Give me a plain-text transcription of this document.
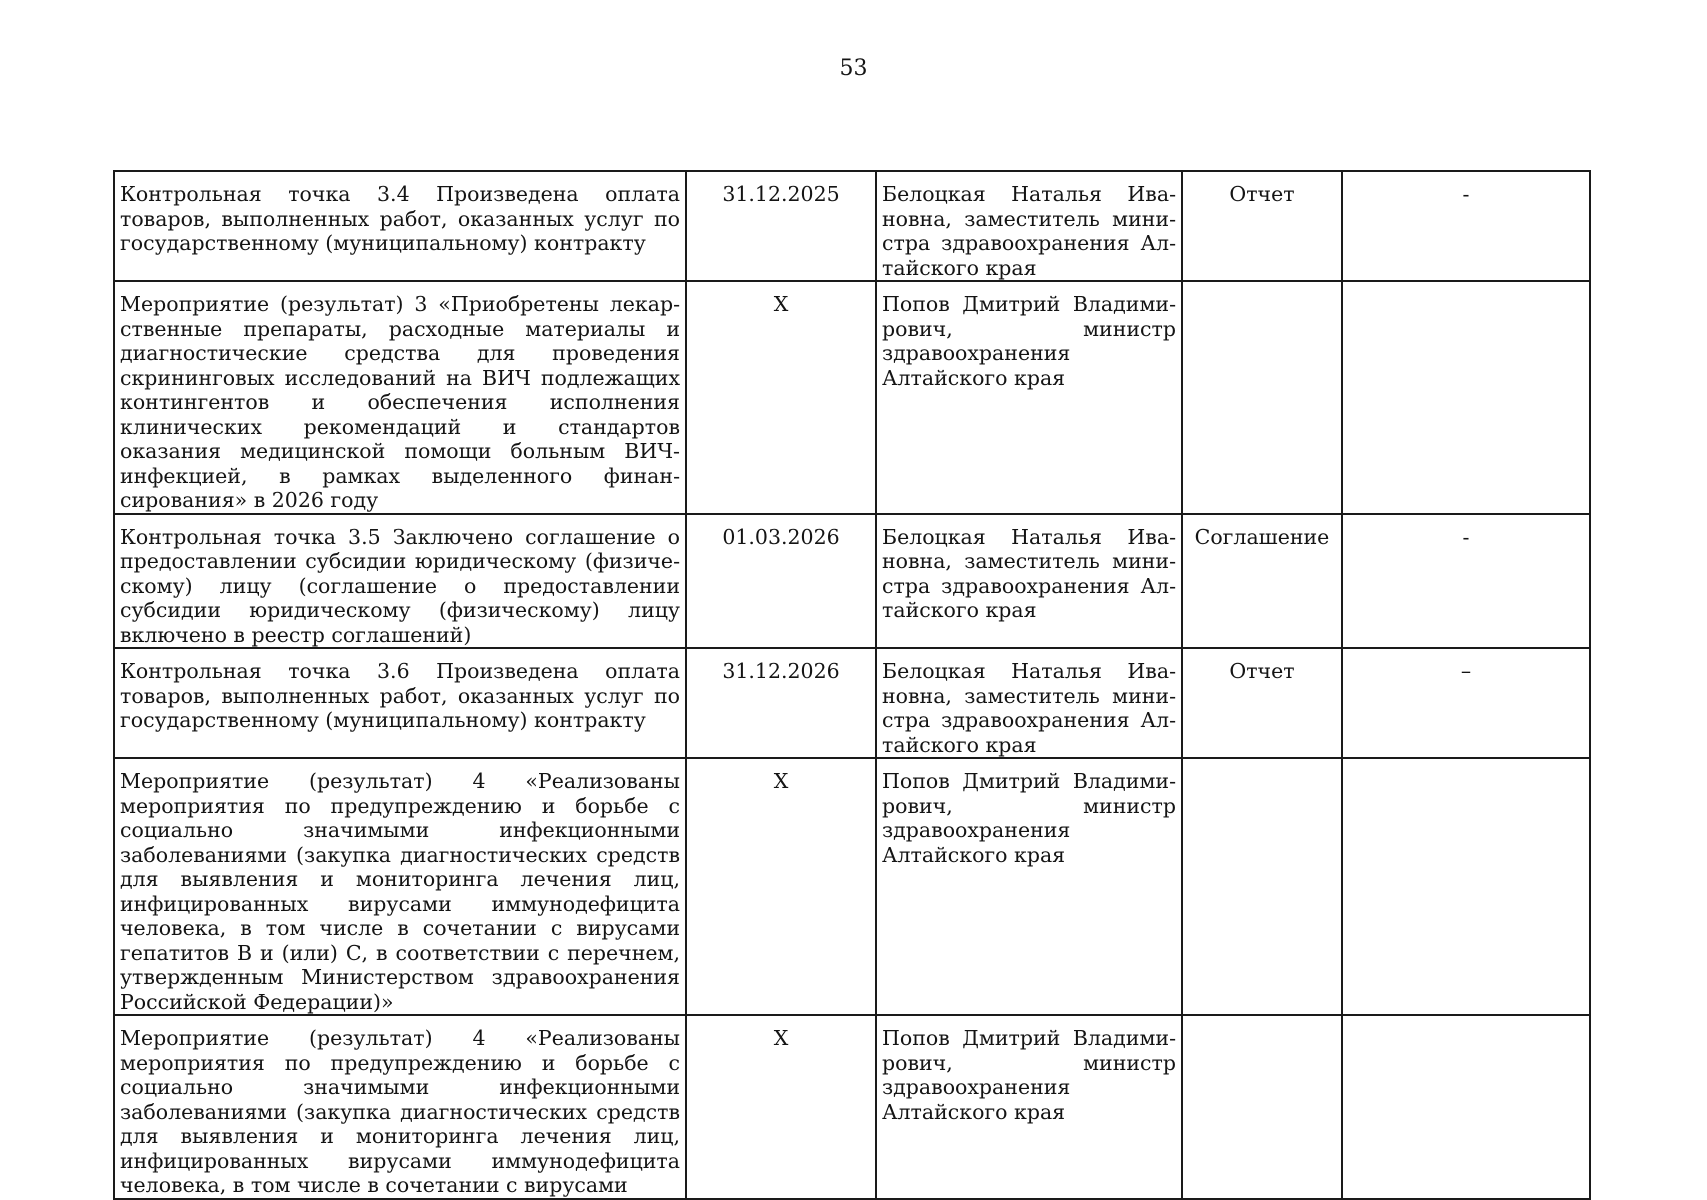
53
Контрольная точка 3.4 Произведена оплата товаров, выполненных работ, оказанных услуг по государственному (муниципальному) контракту	31.12.2025	Белоцкая Наталья Ивановна, заместитель министра здравоохранения Алтайского края	Отчет	-
Мероприятие (результат) 3 «Приобретены лекарственные препараты, расходные материалы и диагностические средства для проведения скрининговых исследований на ВИЧ подлежащих контингентов и обеспечения исполнения клинических рекомендаций и стандартов оказания медицинской помощи больным ВИЧ-инфекцией, в рамках выделенного финансирования» в 2026 году	Х	Попов Дмитрий Владимирович, министр здравоохранения Алтайского края		
Контрольная точка 3.5 Заключено соглашение о предоставлении субсидии юридическому (физическому) лицу (соглашение о предоставлении субсидии юридическому (физическому) лицу включено в реестр соглашений)	01.03.2026	Белоцкая Наталья Ивановна, заместитель министра здравоохранения Алтайского края	Соглашение	-
Контрольная точка 3.6 Произведена оплата товаров, выполненных работ, оказанных услуг по государственному (муниципальному) контракту	31.12.2026	Белоцкая Наталья Ивановна, заместитель министра здравоохранения Алтайского края	Отчет	–
Мероприятие (результат) 4 «Реализованы мероприятия по предупреждению и борьбе с социально значимыми инфекционными заболеваниями (закупка диагностических средств для выявления и мониторинга лечения лиц, инфицированных вирусами иммунодефицита человека, в том числе в сочетании с вирусами гепатитов В и (или) С, в соответствии с перечнем, утвержденным Министерством здравоохранения Российской Федерации)»	Х	Попов Дмитрий Владимирович, министр здравоохранения Алтайского края		
Мероприятие (результат) 4 «Реализованы мероприятия по предупреждению и борьбе с социально значимыми инфекционными заболеваниями (закупка диагностических средств для выявления и мониторинга лечения лиц, инфицированных вирусами иммунодефицита человека, в том числе в сочетании с вирусами	Х	Попов Дмитрий Владимирович, министр здравоохранения Алтайского края		
